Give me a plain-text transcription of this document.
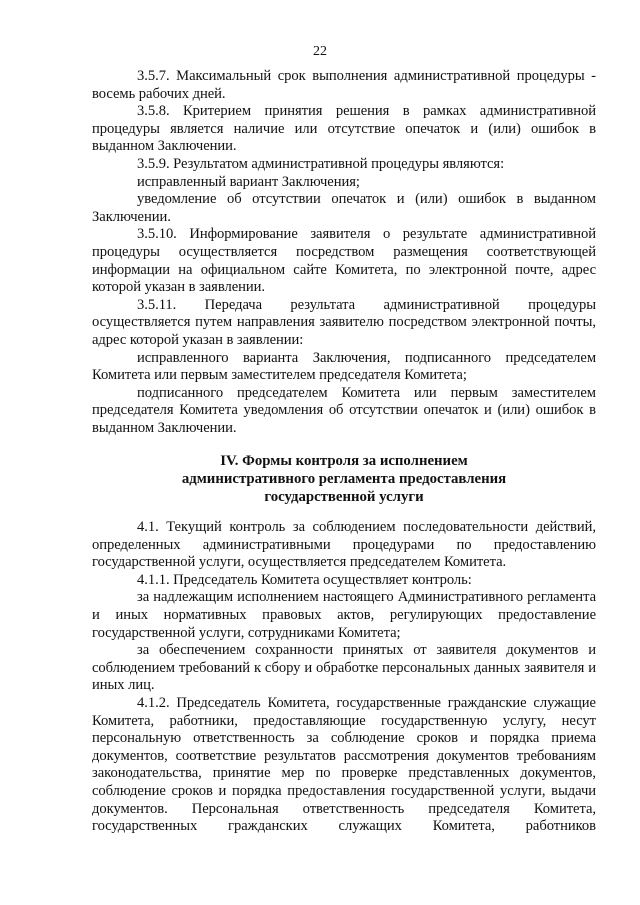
22

3.5.7. Максимальный срок выполнения административной процедуры - восемь рабочих дней.

3.5.8. Критерием принятия решения в рамках административной процедуры является наличие или отсутствие опечаток и (или) ошибок в выданном Заключении.

3.5.9. Результатом административной процедуры являются:

исправленный вариант Заключения;

уведомление об отсутствии опечаток и (или) ошибок в выданном Заключении.

3.5.10. Информирование заявителя о результате административной процедуры осуществляется посредством размещения соответствующей информации на официальном сайте Комитета, по электронной почте, адрес которой указан в заявлении.

3.5.11. Передача результата административной процедуры осуществляется путем направления заявителю посредством электронной почты, адрес которой указан в заявлении:

исправленного варианта Заключения, подписанного председателем Комитета или первым заместителем председателя Комитета;

подписанного председателем Комитета или первым заместителем председателя Комитета уведомления об отсутствии опечаток и (или) ошибок в выданном Заключении.

IV. Формы контроля за исполнением
административного регламента предоставления
государственной услуги

4.1. Текущий контроль за соблюдением последовательности действий, определенных административными процедурами по предоставлению государственной услуги, осуществляется председателем Комитета.

4.1.1. Председатель Комитета осуществляет контроль:

за надлежащим исполнением настоящего Административного регламента и иных нормативных правовых актов, регулирующих предоставление государственной услуги, сотрудниками Комитета;

за обеспечением сохранности принятых от заявителя документов и соблюдением требований к сбору и обработке персональных данных заявителя и иных лиц.

4.1.2. Председатель Комитета, государственные гражданские служащие Комитета, работники, предоставляющие государственную услугу, несут персональную ответственность за соблюдение сроков и порядка приема документов, соответствие результатов рассмотрения документов требованиям законодательства, принятие мер по проверке представленных документов, соблюдение сроков и порядка предоставления государственной услуги, выдачи документов. Персональная ответственность председателя Комитета, государственных гражданских служащих Комитета, работников
